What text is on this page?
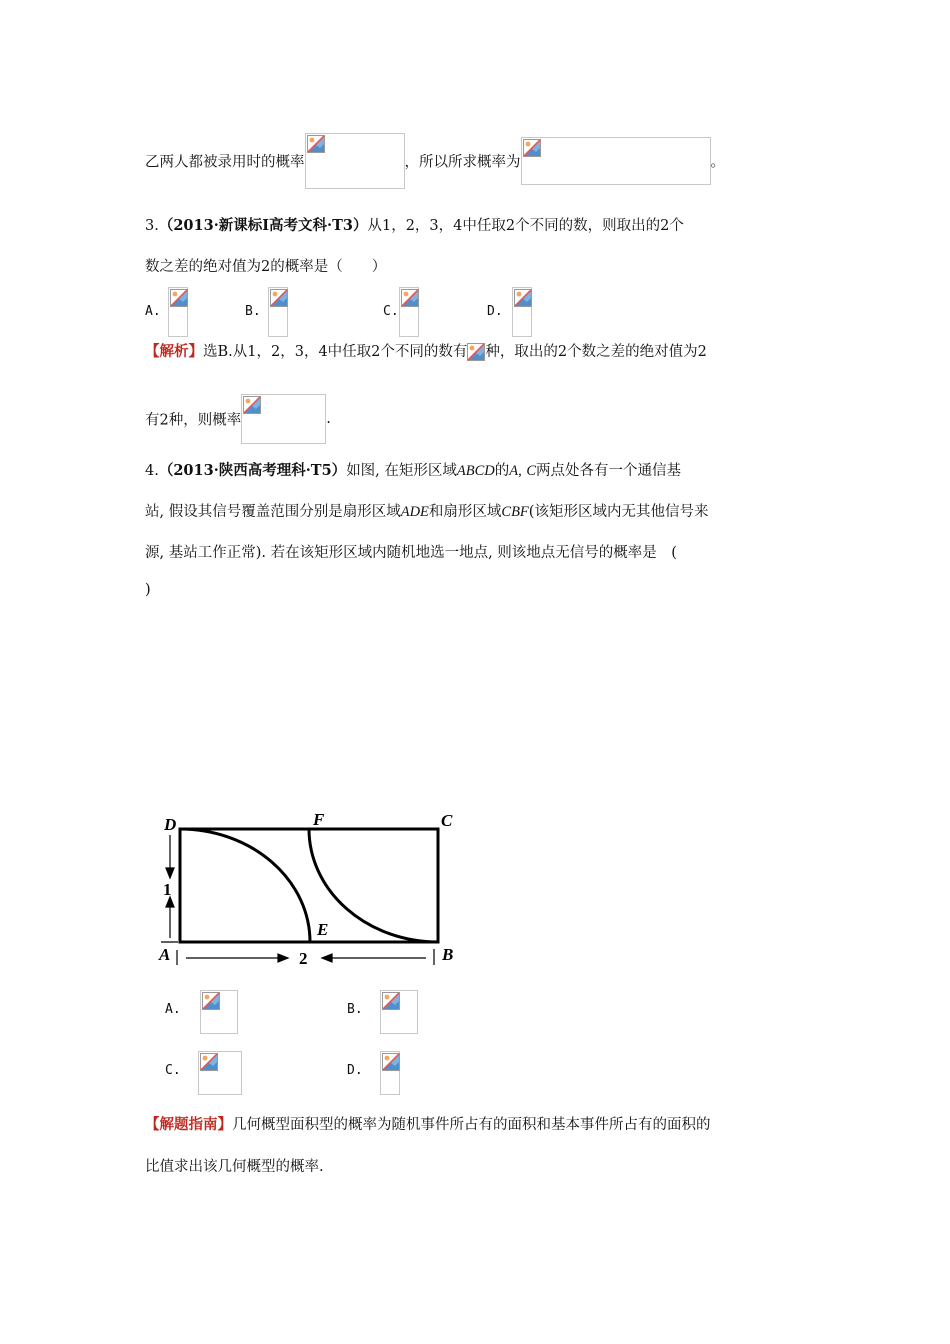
乙两人都被录用时的概率	，所以所求概率为	。
3.（2013·新课标Ⅰ高考文科·T3）从1，2，3，4中任取2个不同的数，则取出的2个
数之差的绝对值为2的概率是（　　）
A.	B.	C.	D.
【解析】选B.从1，2，3，4中任取2个不同的数有 种，取出的2个数之差的绝对值为2
有2种，则概率	.
4.（2013·陕西高考理科·T5）如图, 在矩形区域ABCD的A, C两点处各有一个通信基
站, 假设其信号覆盖范围分别是扇形区域ADE和扇形区域CBF(该矩形区域内无其他信号来
源, 基站工作正常). 若在该矩形区域内随机地选一地点, 则该地点无信号的概率是　(
)
D	F	C
A
E
B
1
2
A.	B.
C.	D.
【解题指南】几何概型面积型的概率为随机事件所占有的面积和基本事件所占有的面积的
比值求出该几何概型的概率.
